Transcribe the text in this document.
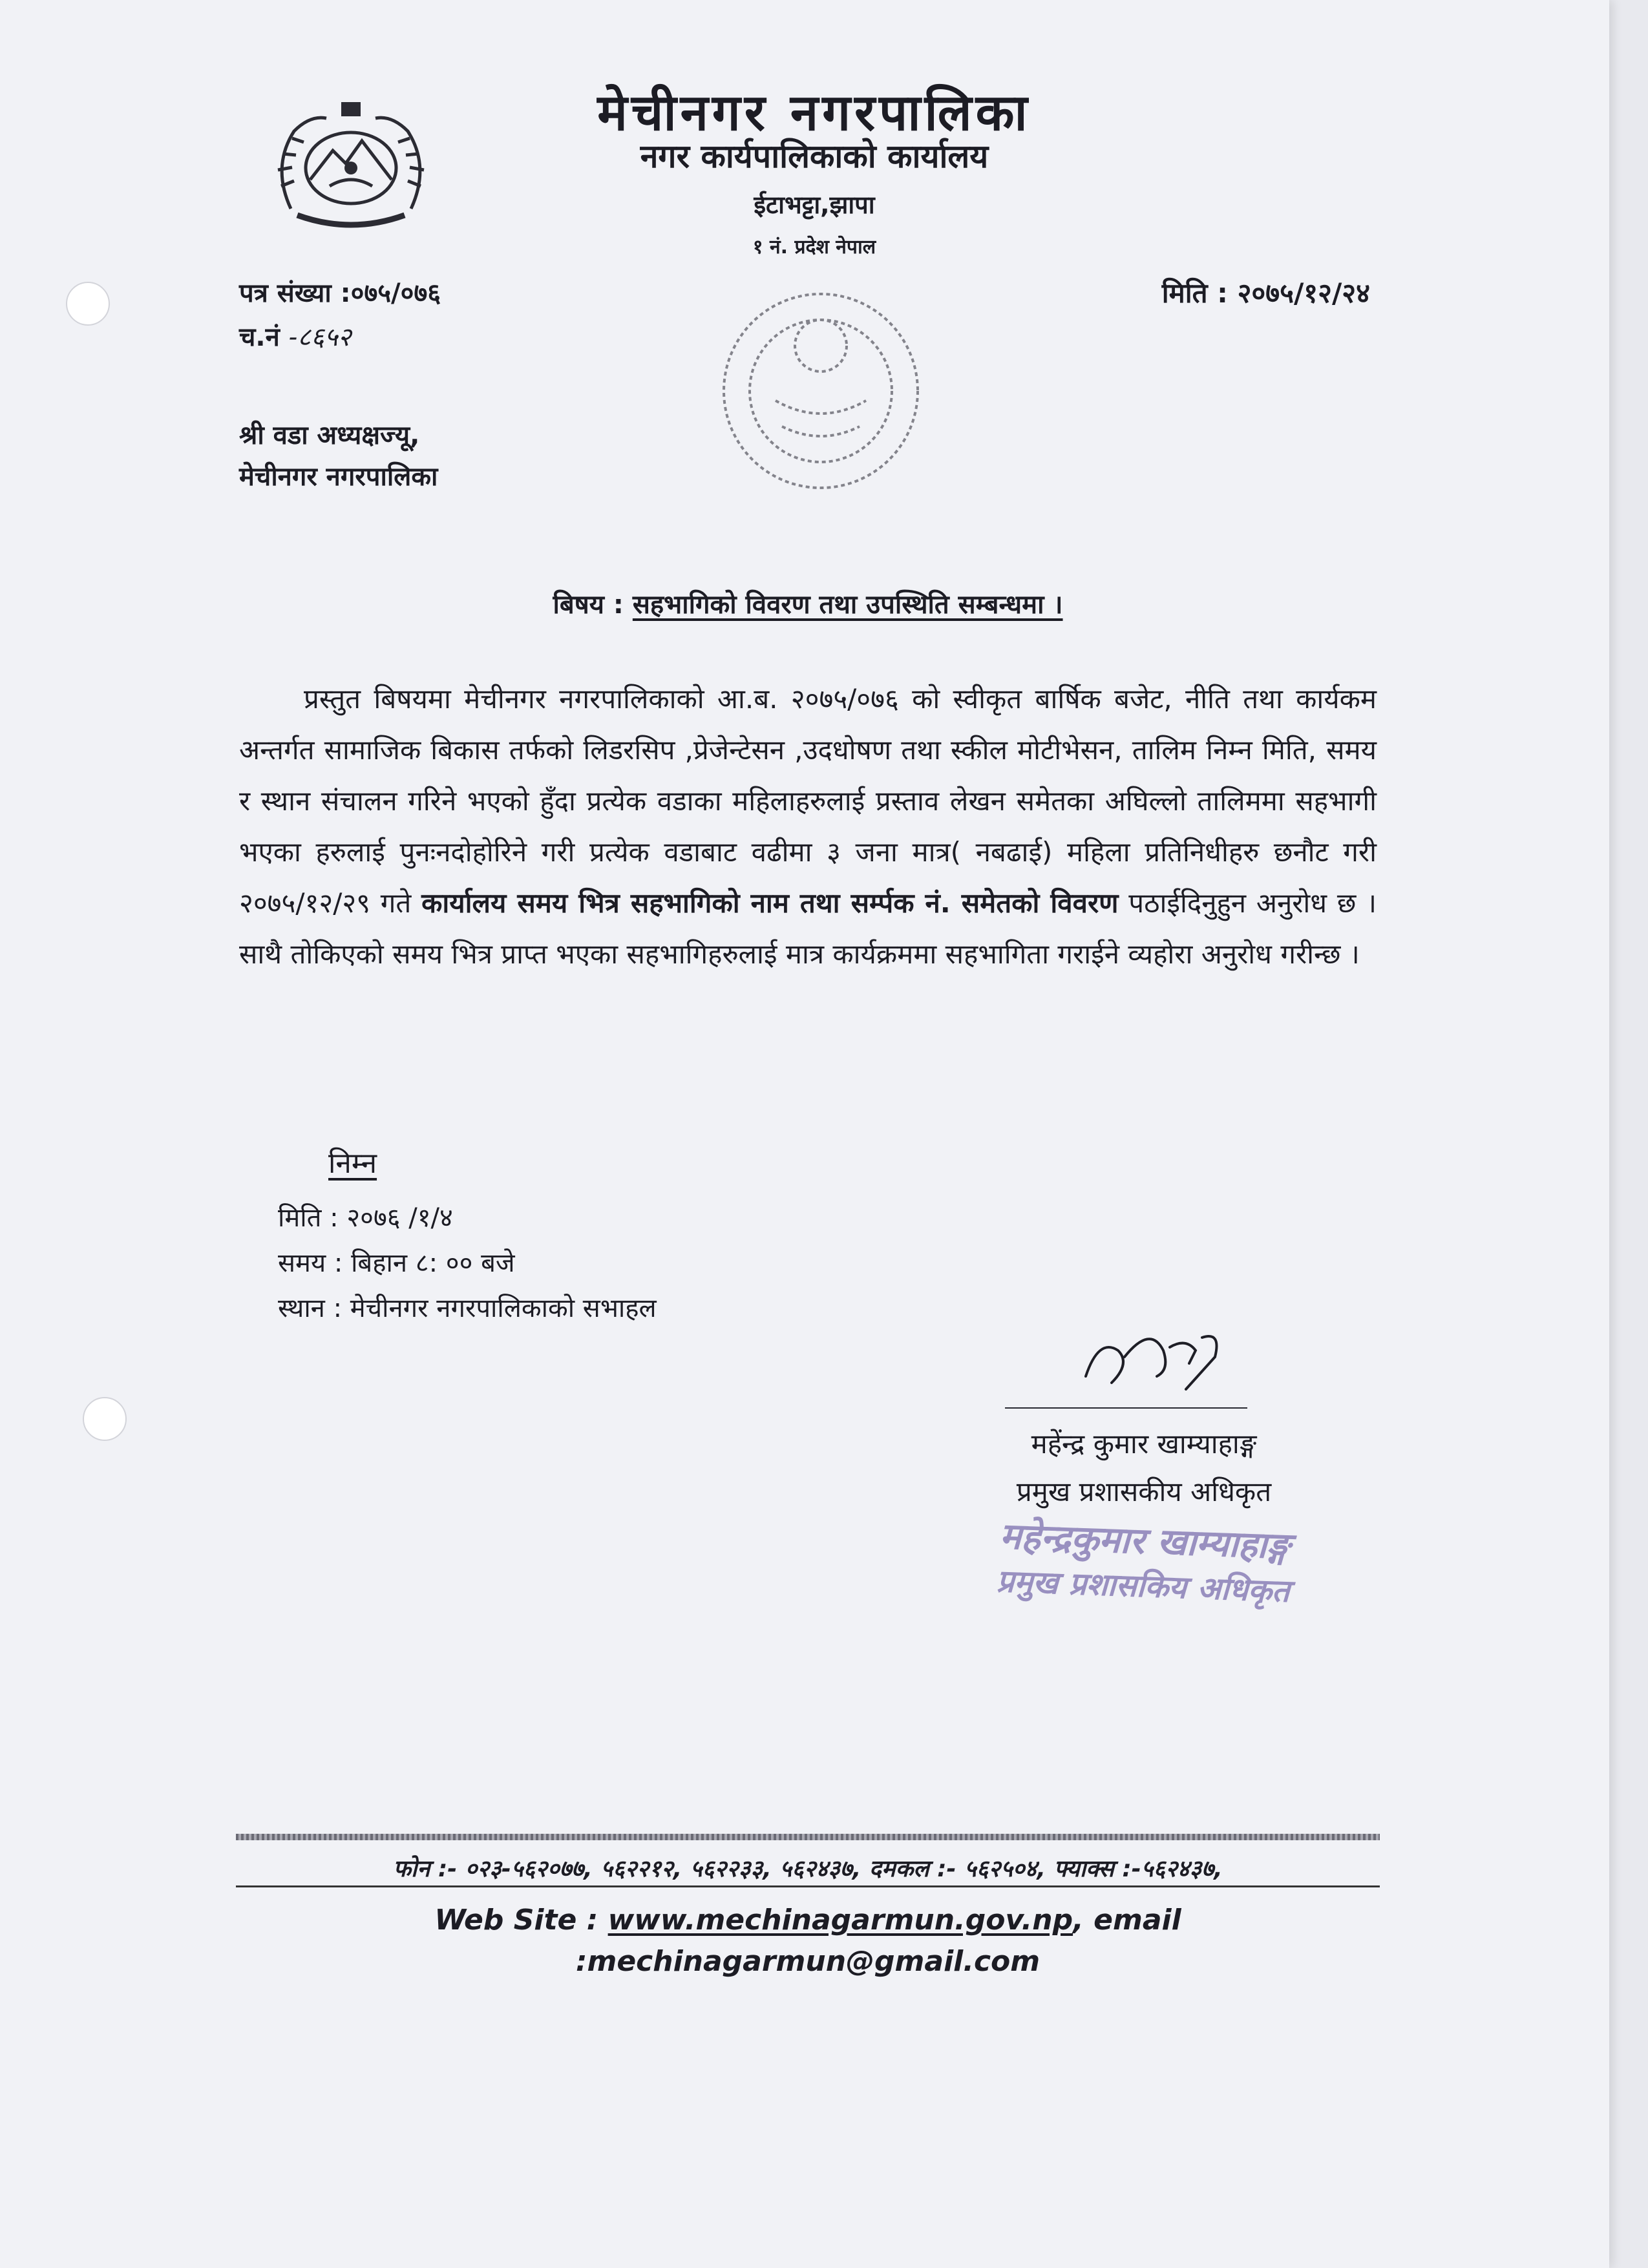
मेचीनगर नगरपालिका
नगर कार्यपालिकाको कार्यालय
ईटाभट्टा,झापा
१ नं. प्रदेश नेपाल
पत्र संख्या :०७५/०७६
च.नं -८६५२
मिति : २०७५/१२/२४
श्री वडा अध्यक्षज्यू,
मेचीनगर नगरपालिका
बिषय : सहभागिको विवरण तथा उपस्थिति सम्बन्धमा ।
प्रस्तुत बिषयमा मेचीनगर नगरपालिकाको आ.ब. २०७५/०७६ को स्वीकृत बार्षिक बजेट, नीति तथा कार्यकम अन्तर्गत सामाजिक बिकास तर्फको लिडरसिप ,प्रेजेन्टेसन ,उदधोषण तथा स्कील मोटीभेसन, तालिम निम्न मिति, समय र स्थान संचालन गरिने भएको हुँदा प्रत्येक वडाका महिलाहरुलाई प्रस्ताव लेखन समेतका अघिल्लो तालिममा सहभागी भएका हरुलाई पुनःनदोहोरिने गरी प्रत्येक वडाबाट वढीमा ३ जना मात्र( नबढाई) महिला प्रतिनिधीहरु छनौट गरी २०७५/१२/२९ गते कार्यालय समय भित्र सहभागिको नाम तथा सर्म्पक नं. समेतको विवरण पठाईदिनुहुन अनुरोध छ । साथै तोकिएको समय भित्र प्राप्त भएका सहभागिहरुलाई मात्र कार्यक्रममा सहभागिता गराईने व्यहोरा अनुरोध गरीन्छ ।
निम्न
मिति : २०७६ /१/४
समय : बिहान ८: ०० बजे
स्थान : मेचीनगर नगरपालिकाको सभाहल
महेंन्द्र कुमार खाम्याहाङ्ग
प्रमुख प्रशासकीय अधिकृत
महेन्द्रकुमार खाम्याहाङ्ग
प्रमुख प्रशासकिय अधिकृत
फोन :- ०२३-५६२०७७, ५६२२१२, ५६२२३३, ५६२४३७, दमकल :- ५६२५०४, फ्याक्स :-५६२४३७,
Web Site : www.mechinagarmun.gov.np, email
:mechinagarmun@gmail.com
